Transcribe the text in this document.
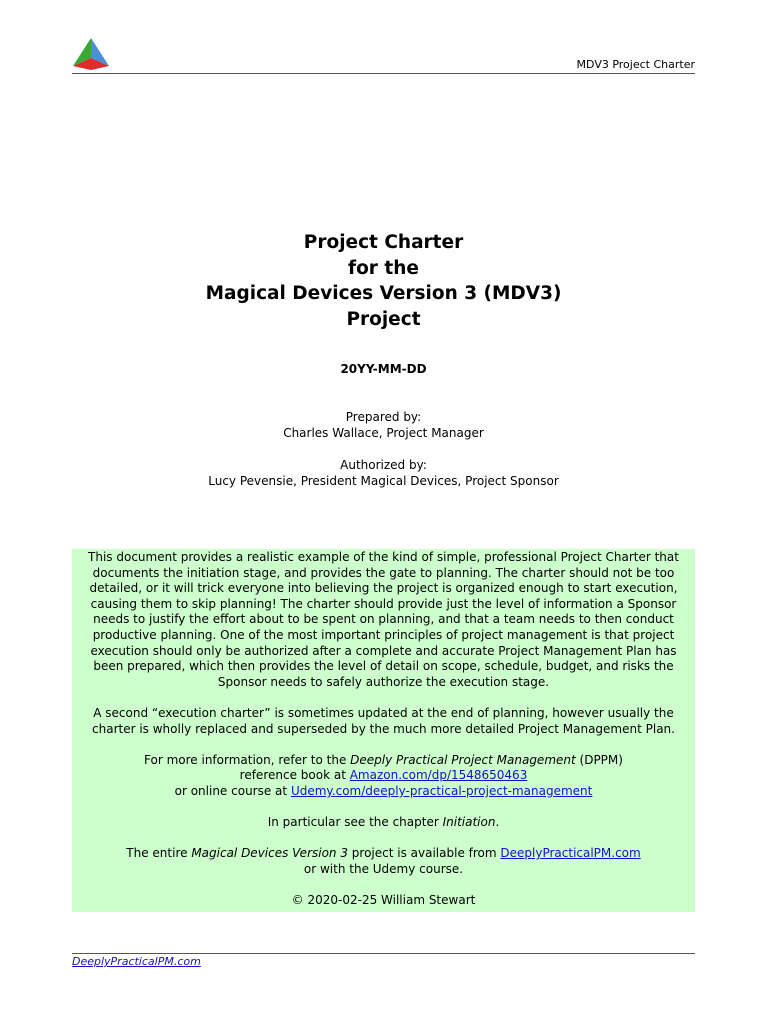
MDV3 Project Charter
Project Charter
for the
Magical Devices Version 3 (MDV3)
Project
20YY-MM-DD
Prepared by:
Charles Wallace, Project Manager
Authorized by:
Lucy Pevensie, President Magical Devices, Project Sponsor

This document provides a realistic example of the kind of simple, professional Project Charter that
documents the initiation stage, and provides the gate to planning. The charter should not be too
detailed, or it will trick everyone into believing the project is organized enough to start execution,
causing them to skip planning! The charter should provide just the level of information a Sponsor
needs to justify the effort about to be spent on planning, and that a team needs to then conduct
productive planning. One of the most important principles of project management is that project
execution should only be authorized after a complete and accurate Project Management Plan has
been prepared, which then provides the level of detail on scope, schedule, budget, and risks the
Sponsor needs to safely authorize the execution stage.

A second “execution charter” is sometimes updated at the end of planning, however usually the
charter is wholly replaced and superseded by the much more detailed Project Management Plan.

For more information, refer to the Deeply Practical Project Management (DPPM)
reference book at Amazon.com/dp/1548650463
or online course at Udemy.com/deeply-practical-project-management

In particular see the chapter Initiation.

The entire Magical Devices Version 3 project is available from DeeplyPracticalPM.com
or with the Udemy course.

© 2020-02-25 William Stewart

DeeplyPracticalPM.com
